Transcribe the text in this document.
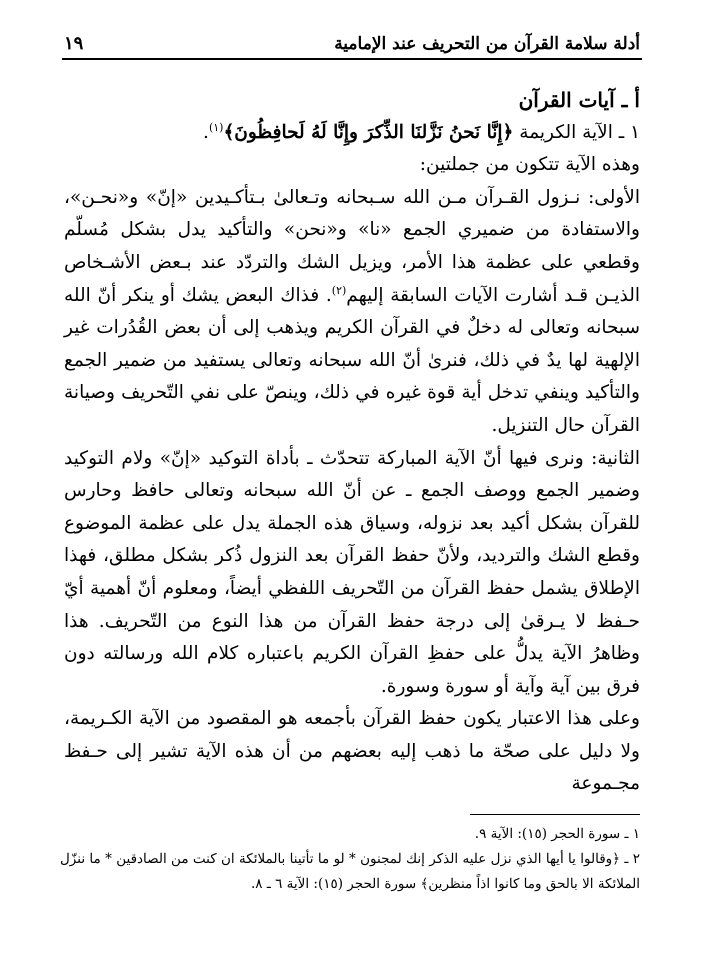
أدلة سلامة القرآن من التحريف عند الإمامية
١٩

أ ـ آيات القرآن

١ ـ الآية الكريمة ﴿إِنَّا نَحنُ نَزَّلنَا الذِّكرَ وإِنَّا لَهُ لَحافِظُونَ﴾$^{(١)}$.

وهذه الآية تتكون من جملتين:

الأولى: نـزول القـرآن مـن الله سـبحانه وتـعالىٰ بـتأكـيدين «إنّ» و«نحـن»، والاستفادة من ضميري الجمع «نا» و«نحن» والتأكيد يدل بشكل مُسلّم وقطعي على عظمة هذا الأمر، ويزيل الشك والتردّد عند بـعض الأشـخاص الذيـن قـد أشارت الآيات السابقة إليهم$^{(٢)}$. فذاك البعض يشك أو ينكر أنّ الله سبحانه وتعالى له دخلٌ في القرآن الكريم ويذهب إلى أن بعض القُدُرات غير الإلهية لها يدٌ في ذلك، فنرىٰ أنّ الله سبحانه وتعالى يستفيد من ضمير الجمع والتأكيد وينفي تدخل أية قوة غيره في ذلك، وينصّ على نفي التّحريف وصيانة القرآن حال التنزيل.

الثانية: ونرى فيها أنّ الآية المباركة تتحدّث ـ بأداة التوكيد «إنّ» ولام التوكيد وضمير الجمع ووصف الجمع ـ عن أنّ الله سبحانه وتعالى حافظ وحارس للقرآن بشكل أكيد بعد نزوله، وسياق هذه الجملة يدل على عظمة الموضوع وقطع الشك والترديد، ولأنّ حفظ القرآن بعد النزول ذُكر بشكل مطلق، فهذا الإطلاق يشمل حفظ القرآن من التّحريف اللفظي أيضاً، ومعلوم أنّ أهمية أيّ حـفظ لا يـرقىٰ إلى درجة حفظ القرآن من هذا النوع من التّحريف. هذا وظاهرُ الآية يدلُّ على حفظِ القرآن الكريم باعتباره كلام الله ورسالته دون فرق بين آية وآية أو سورة وسورة.

وعلى هذا الاعتبار يكون حفظ القرآن بأجمعه هو المقصود من الآية الكـريمة، ولا دليل على صحّة ما ذهب إليه بعضهم من أن هذه الآية تشير إلى حـفظ مجـموعة

١ ـ سورة الحجر (١٥): الآية ٩.

٢ ـ ﴿وقالوا يا أيها الذي نزل عليه الذكر إنك لمجنون * لو ما تأتينا بالملائكة ان كنت من الصادقين * ما ننزّل الملائكة الا بالحق وما كانوا اذاً منظرين﴾ سورة الحجر (١٥): الآية ٦ ـ ٨.
